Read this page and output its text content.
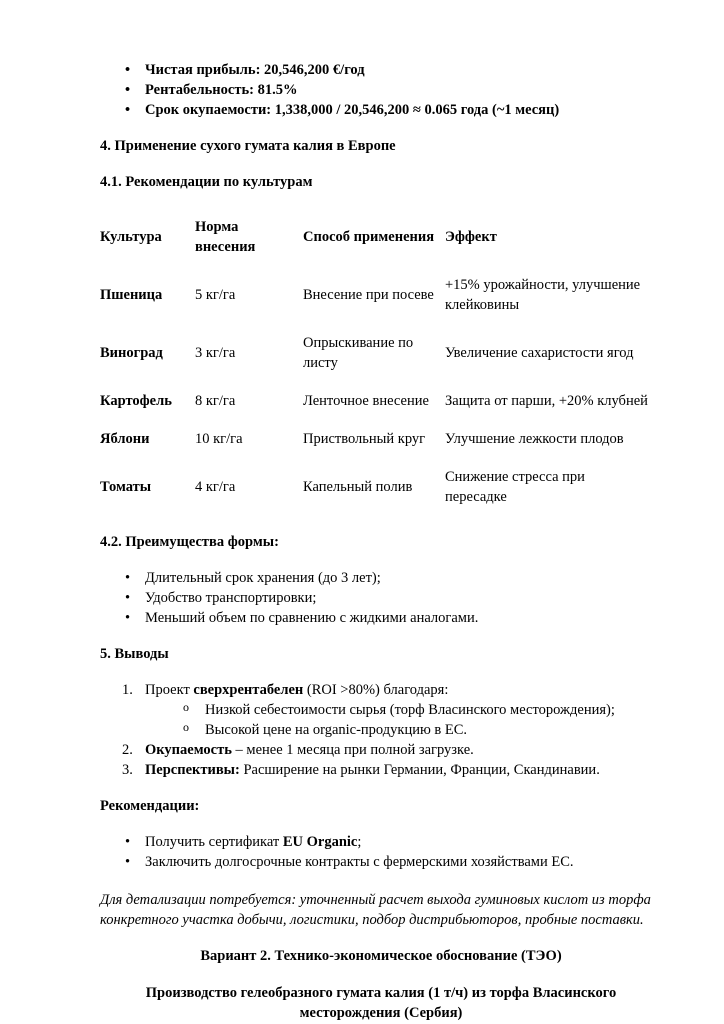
• Чистая прибыль: 20,546,200 €/год
• Рентабельность: 81.5%
• Срок окупаемости: 1,338,000 / 20,546,200 ≈ 0.065 года (~1 месяц)
4. Применение сухого гумата калия в Европе
4.1. Рекомендации по культурам
Культура	Норма внесения	Способ применения	Эффект
Пшеница	5 кг/га	Внесение при посеве	+15% урожайности, улучшение клейковины
Виноград	3 кг/га	Опрыскивание по листу	Увеличение сахаристости ягод
Картофель	8 кг/га	Ленточное внесение	Защита от парши, +20% клубней
Яблони	10 кг/га	Приствольный круг	Улучшение лежкости плодов
Томаты	4 кг/га	Капельный полив	Снижение стресса при пересадке
4.2. Преимущества формы:
• Длительный срок хранения (до 3 лет);
• Удобство транспортировки;
• Меньший объем по сравнению с жидкими аналогами.
5. Выводы
Проект сверхрентабелен (ROI >80%) благодаря:
o Низкой себестоимости сырья (торф Власинского месторождения);
o Высокой цене на organic-продукцию в ЕС.
Окупаемость – менее 1 месяца при полной загрузке.
Перспективы: Расширение на рынки Германии, Франции, Скандинавии.
Рекомендации:
• Получить сертификат EU Organic;
• Заключить долгосрочные контракты с фермерскими хозяйствами ЕС.
Для детализации потребуется: уточненный расчет выхода гуминовых кислот из торфа конкретного участка добычи, логистики, подбор дистрибьюторов, пробные поставки.
Вариант 2. Технико-экономическое обоснование (ТЭО)
Производство гелеобразного гумата калия (1 т/ч) из торфа Власинского месторождения (Сербия)
